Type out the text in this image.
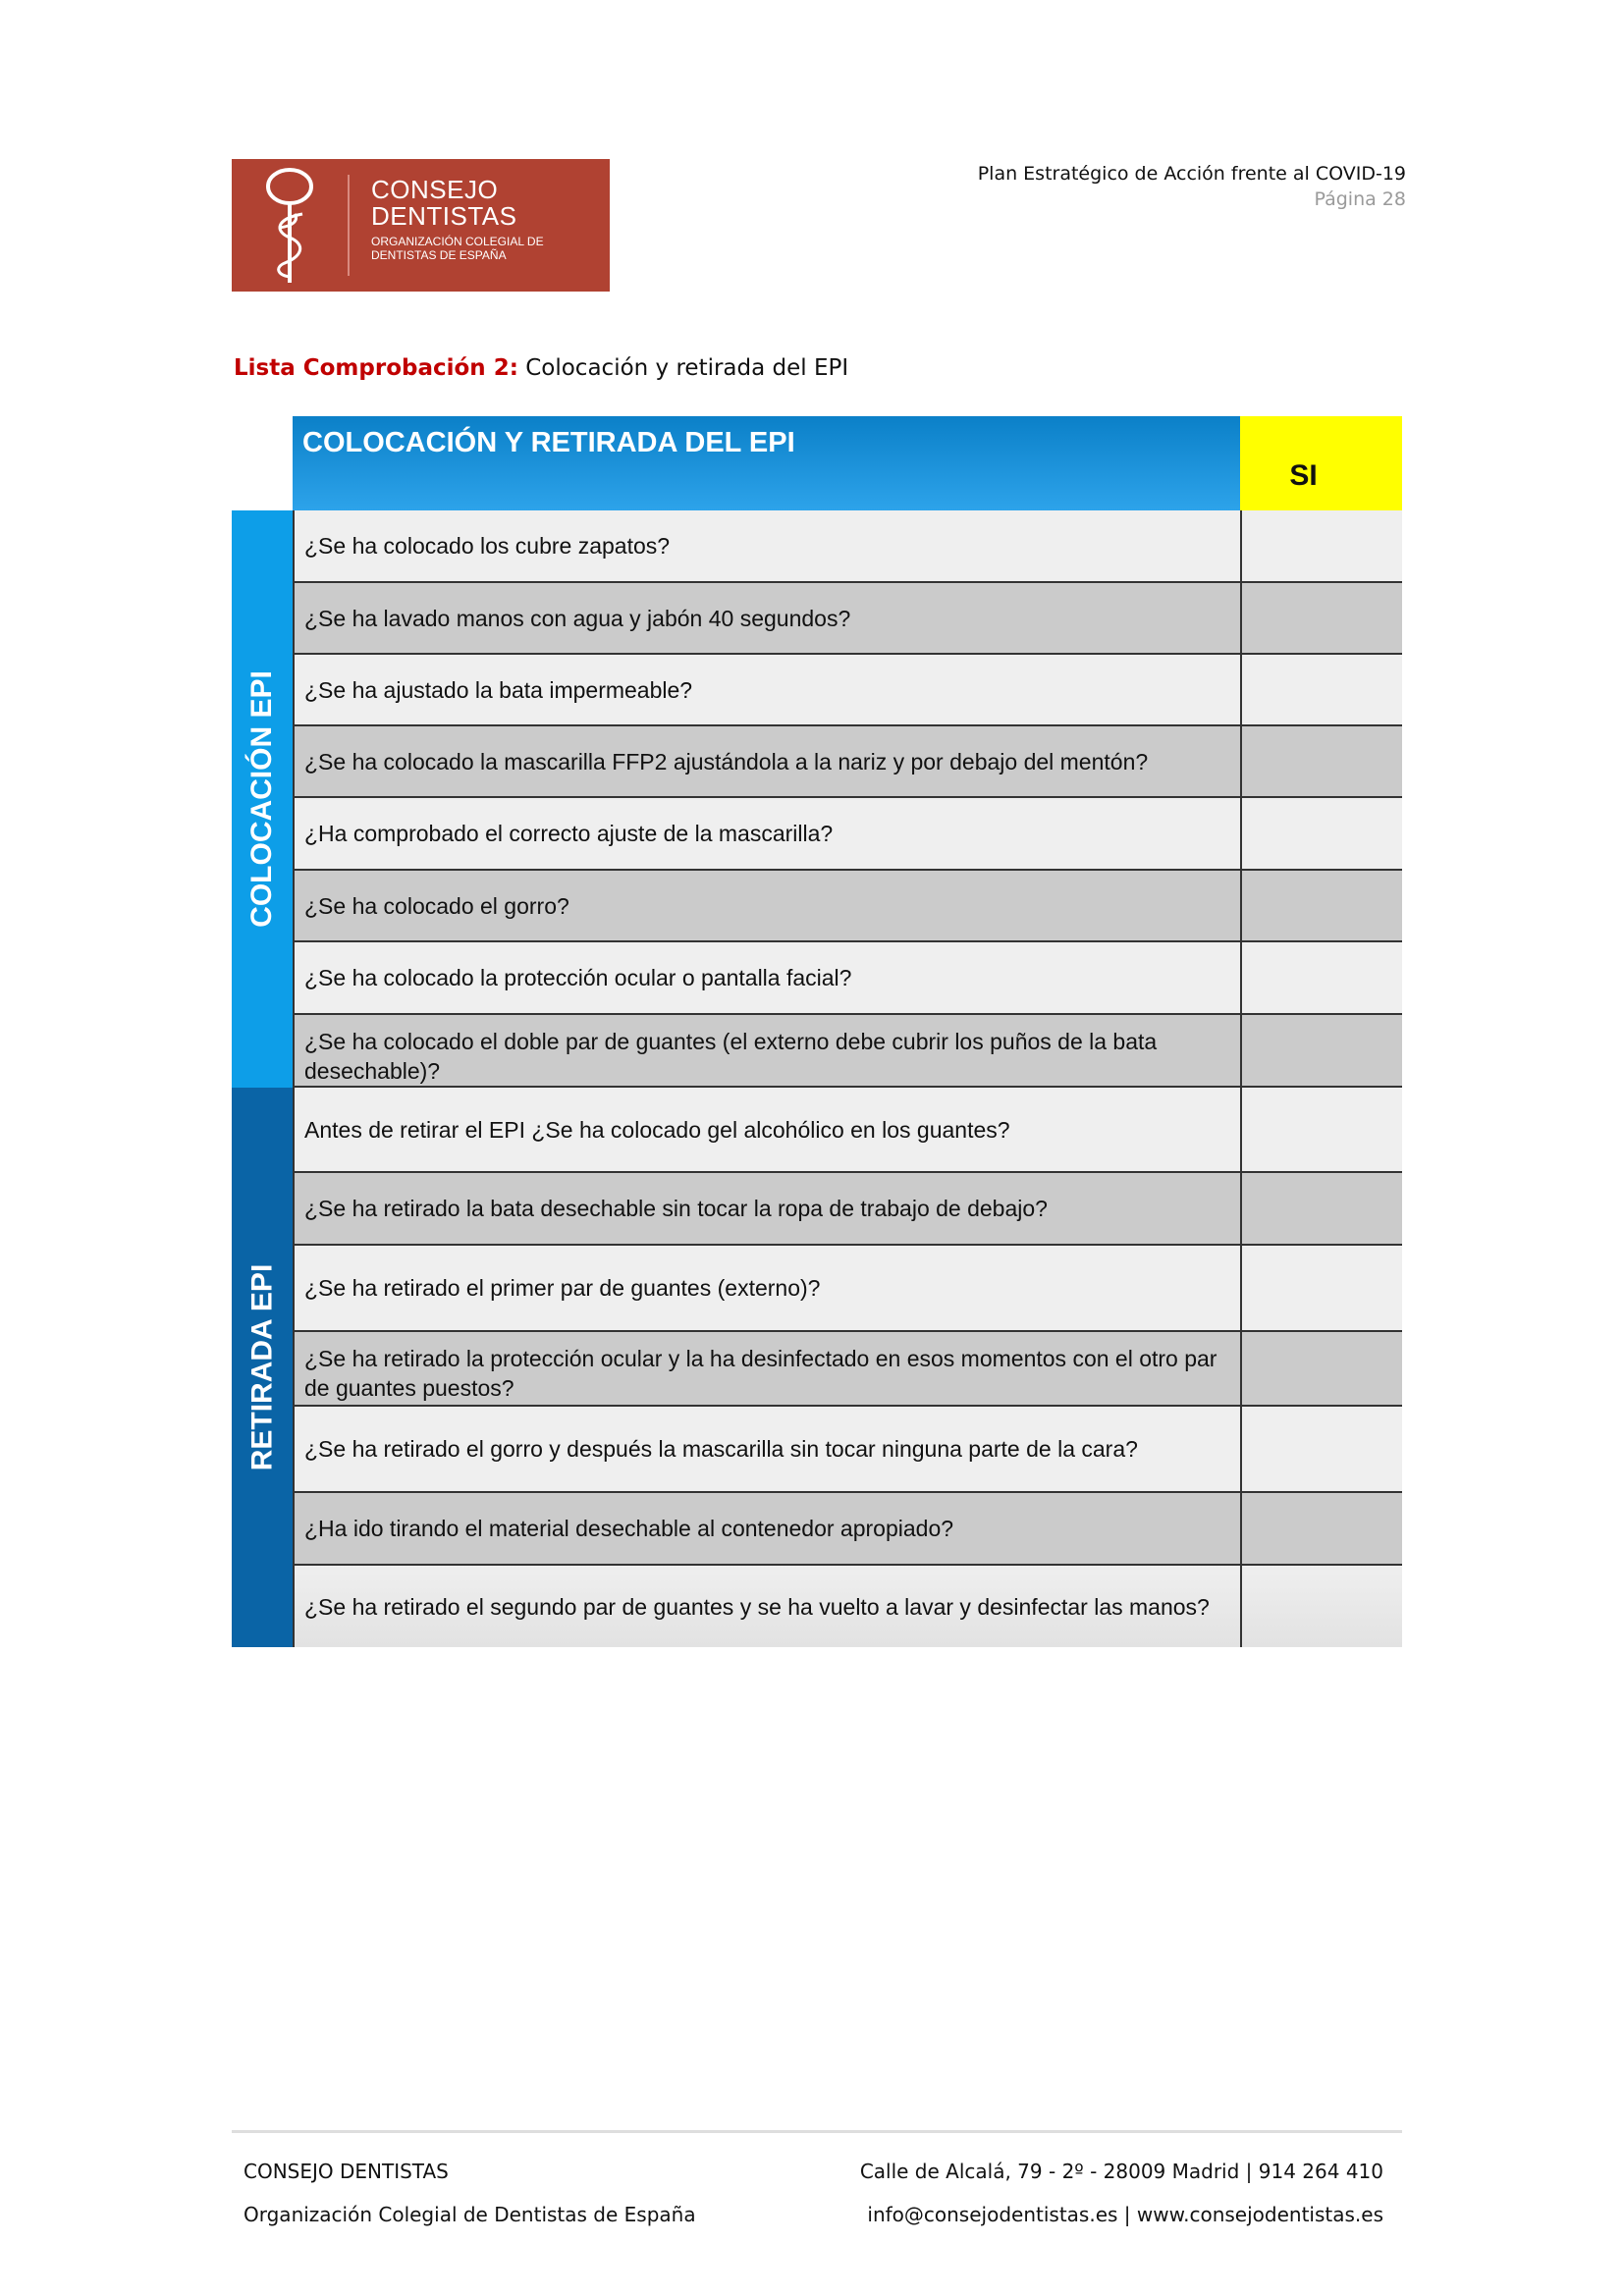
CONSEJO
DENTISTAS
ORGANIZACIÓN COLEGIAL DE DENTISTAS DE ESPAÑA
Plan Estratégico de Acción frente al COVID-19
Página 28
Lista Comprobación 2: Colocación y retirada del EPI
COLOCACIÓN Y RETIRADA DEL EPI
SI
COLOCACIÓN EPI
RETIRADA EPI
¿Se ha colocado los cubre zapatos?
¿Se ha lavado manos con agua y jabón 40 segundos?
¿Se ha ajustado la bata impermeable?
¿Se ha colocado la mascarilla FFP2 ajustándola a la nariz y por debajo del mentón?
¿Ha comprobado el correcto ajuste de la mascarilla?
¿Se ha colocado el gorro?
¿Se ha colocado la protección ocular o pantalla facial?
¿Se ha colocado el doble par de guantes (el externo debe cubrir los puños de la bata desechable)?
Antes de retirar el EPI ¿Se ha colocado gel alcohólico en los guantes?
¿Se ha retirado la bata desechable sin tocar la ropa de trabajo de debajo?
¿Se ha retirado el primer par de guantes (externo)?
¿Se ha retirado la protección ocular y la ha desinfectado en esos momentos con el otro par de guantes puestos?
¿Se ha retirado el gorro y después la mascarilla sin tocar ninguna parte de la cara?
¿Ha ido tirando el material desechable al contenedor apropiado?
¿Se ha retirado el segundo par de guantes y se ha vuelto a lavar y desinfectar las manos?
CONSEJO DENTISTAS
Organización Colegial de Dentistas de España
Calle de Alcalá, 79 - 2º - 28009 Madrid | 914 264 410
info@consejodentistas.es | www.consejodentistas.es
